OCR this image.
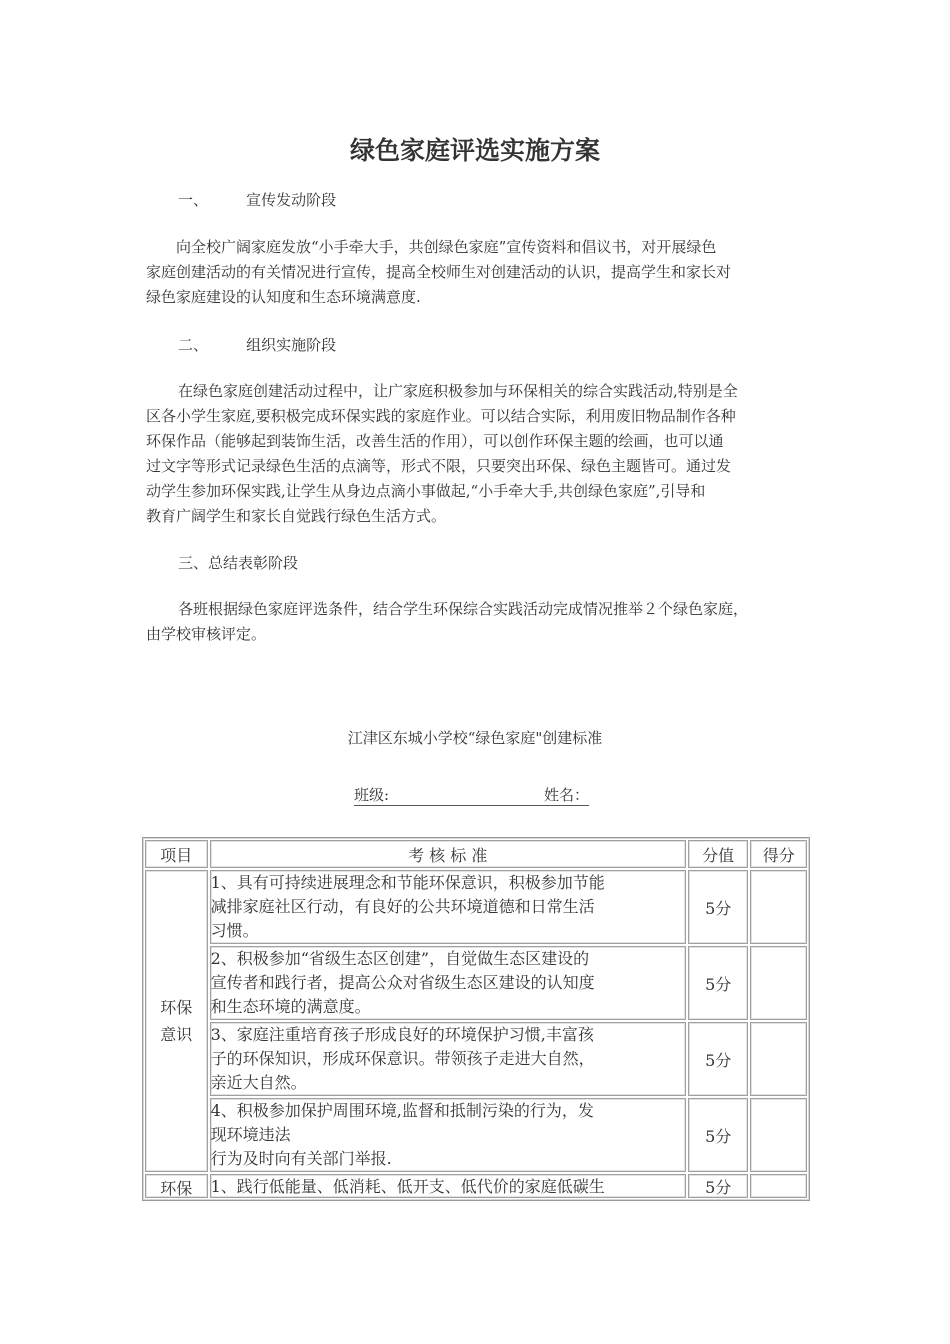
绿色家庭评选实施方案
一、        宣传发动阶段

向全校广阔家庭发放“小手牵大手，共创绿色家庭”宣传资料和倡议书，对开展绿色
家庭创建活动的有关情况进行宣传，提高全校师生对创建活动的认识，提高学生和家长对
绿色家庭建设的认知度和生态环境满意度.

二、        组织实施阶段

在绿色家庭创建活动过程中，让广家庭积极参加与环保相关的综合实践活动,特别是全
区各小学生家庭,要积极完成环保实践的家庭作业。可以结合实际，利用废旧物品制作各种
环保作品（能够起到装饰生活，改善生活的作用），可以创作环保主题的绘画，也可以通
过文字等形式记录绿色生活的点滴等，形式不限，只要突出环保、绿色主题皆可。通过发
动学生参加环保实践,让学生从身边点滴小事做起,“小手牵大手,共创绿色家庭”,引导和
教育广阔学生和家长自觉践行绿色生活方式。

三、总结表彰阶段

各班根据绿色家庭评选条件，结合学生环保综合实践活动完成情况推举２个绿色家庭，
由学校审核评定。

江津区东城小学校“绿色家庭"创建标准
班级:	姓名：
项目	考 核 标 准	分值	得分
环保意识	1、具有可持续进展理念和节能环保意识，积极参加节能
减排家庭社区行动，有良好的公共环境道德和日常生活
习惯。	5分	

	2、积极参加“省级生态区创建”，自觉做生态区建设的
宣传者和践行者，提高公众对省级生态区建设的认知度
和生态环境的满意度。	5分	

	3、家庭注重培育孩子形成良好的环境保护习惯,丰富孩
子的环保知识，形成环保意识。带领孩子走进大自然，
亲近大自然。	5分	

	4、积极参加保护周围环境,监督和抵制污染的行为，发
现环境违法
行为及时向有关部门举报.	5分	

环保	1、践行低能量、低消耗、低开支、低代价的家庭低碳生	5分	
